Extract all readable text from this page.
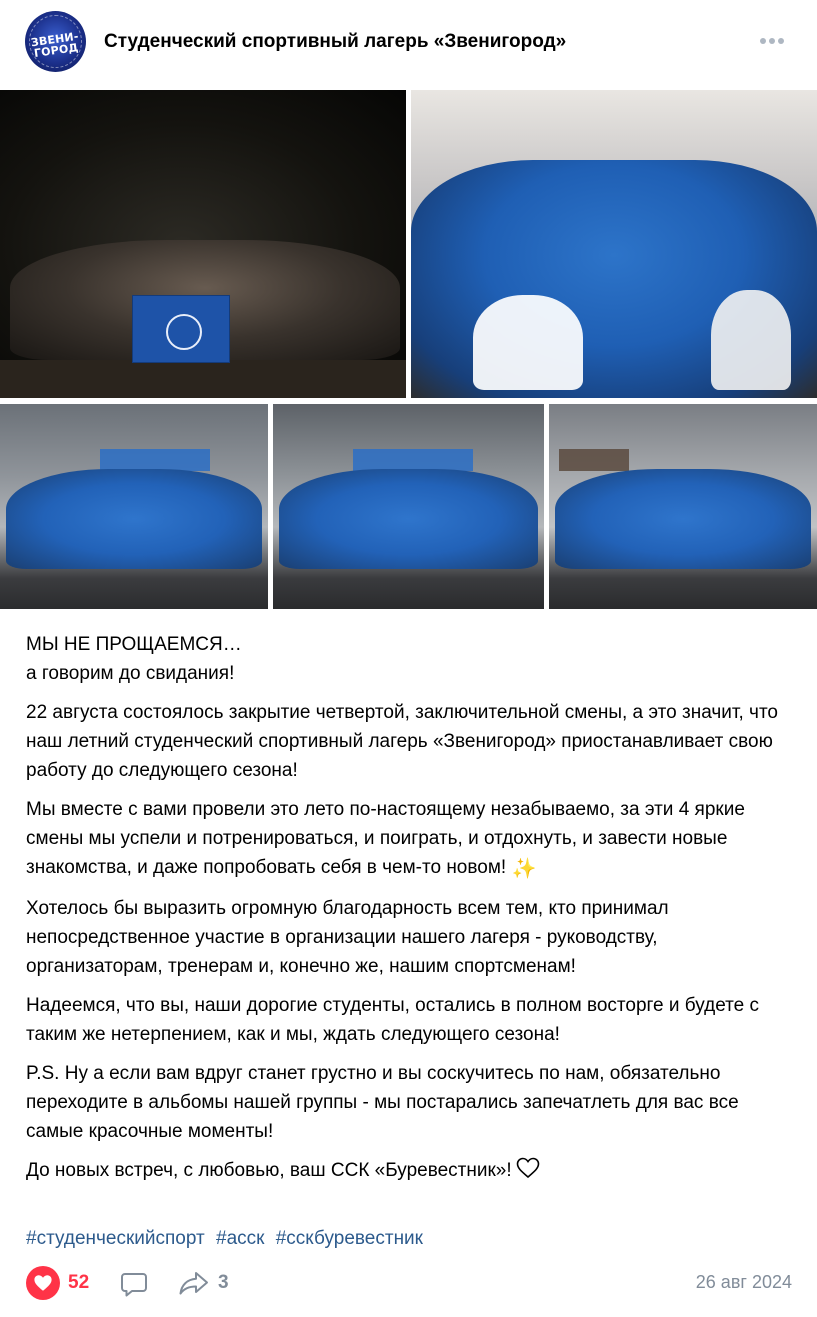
ЗВЕНИ-ГОРОД	Студенческий спортивный лагерь «Звенигород»

МЫ НЕ ПРОЩАЕМСЯ…
а говорим до свидания!

22 августа состоялось закрытие четвертой, заключительной смены, а это значит, что наш летний студенческий спортивный лагерь «Звенигород» приостанавливает свою работу до следующего сезона!

Мы вместе с вами провели это лето по-настоящему незабываемо, за эти 4 яркие смены мы успели и потренироваться, и поиграть, и отдохнуть, и завести новые знакомства, и даже попробовать себя в чем-то новом! ✨

Хотелось бы выразить огромную благодарность всем тем, кто принимал непосредственное участие в организации нашего лагеря - руководству, организаторам, тренерам и, конечно же, нашим спортсменам!

Надеемся, что вы, наши дорогие студенты, остались в полном восторге и будете с таким же нетерпением, как и мы, ждать следующего сезона!

P.S. Ну а если вам вдруг станет грустно и вы соскучитесь по нам, обязательно переходите в альбомы нашей группы - мы постарались запечатлеть для вас все самые красочные моменты!

До новых встреч, с любовью, ваш ССК «Буревестник»!

#студенческийспорт #аcск #сскбуревестник
52	3	26 авг 2024
